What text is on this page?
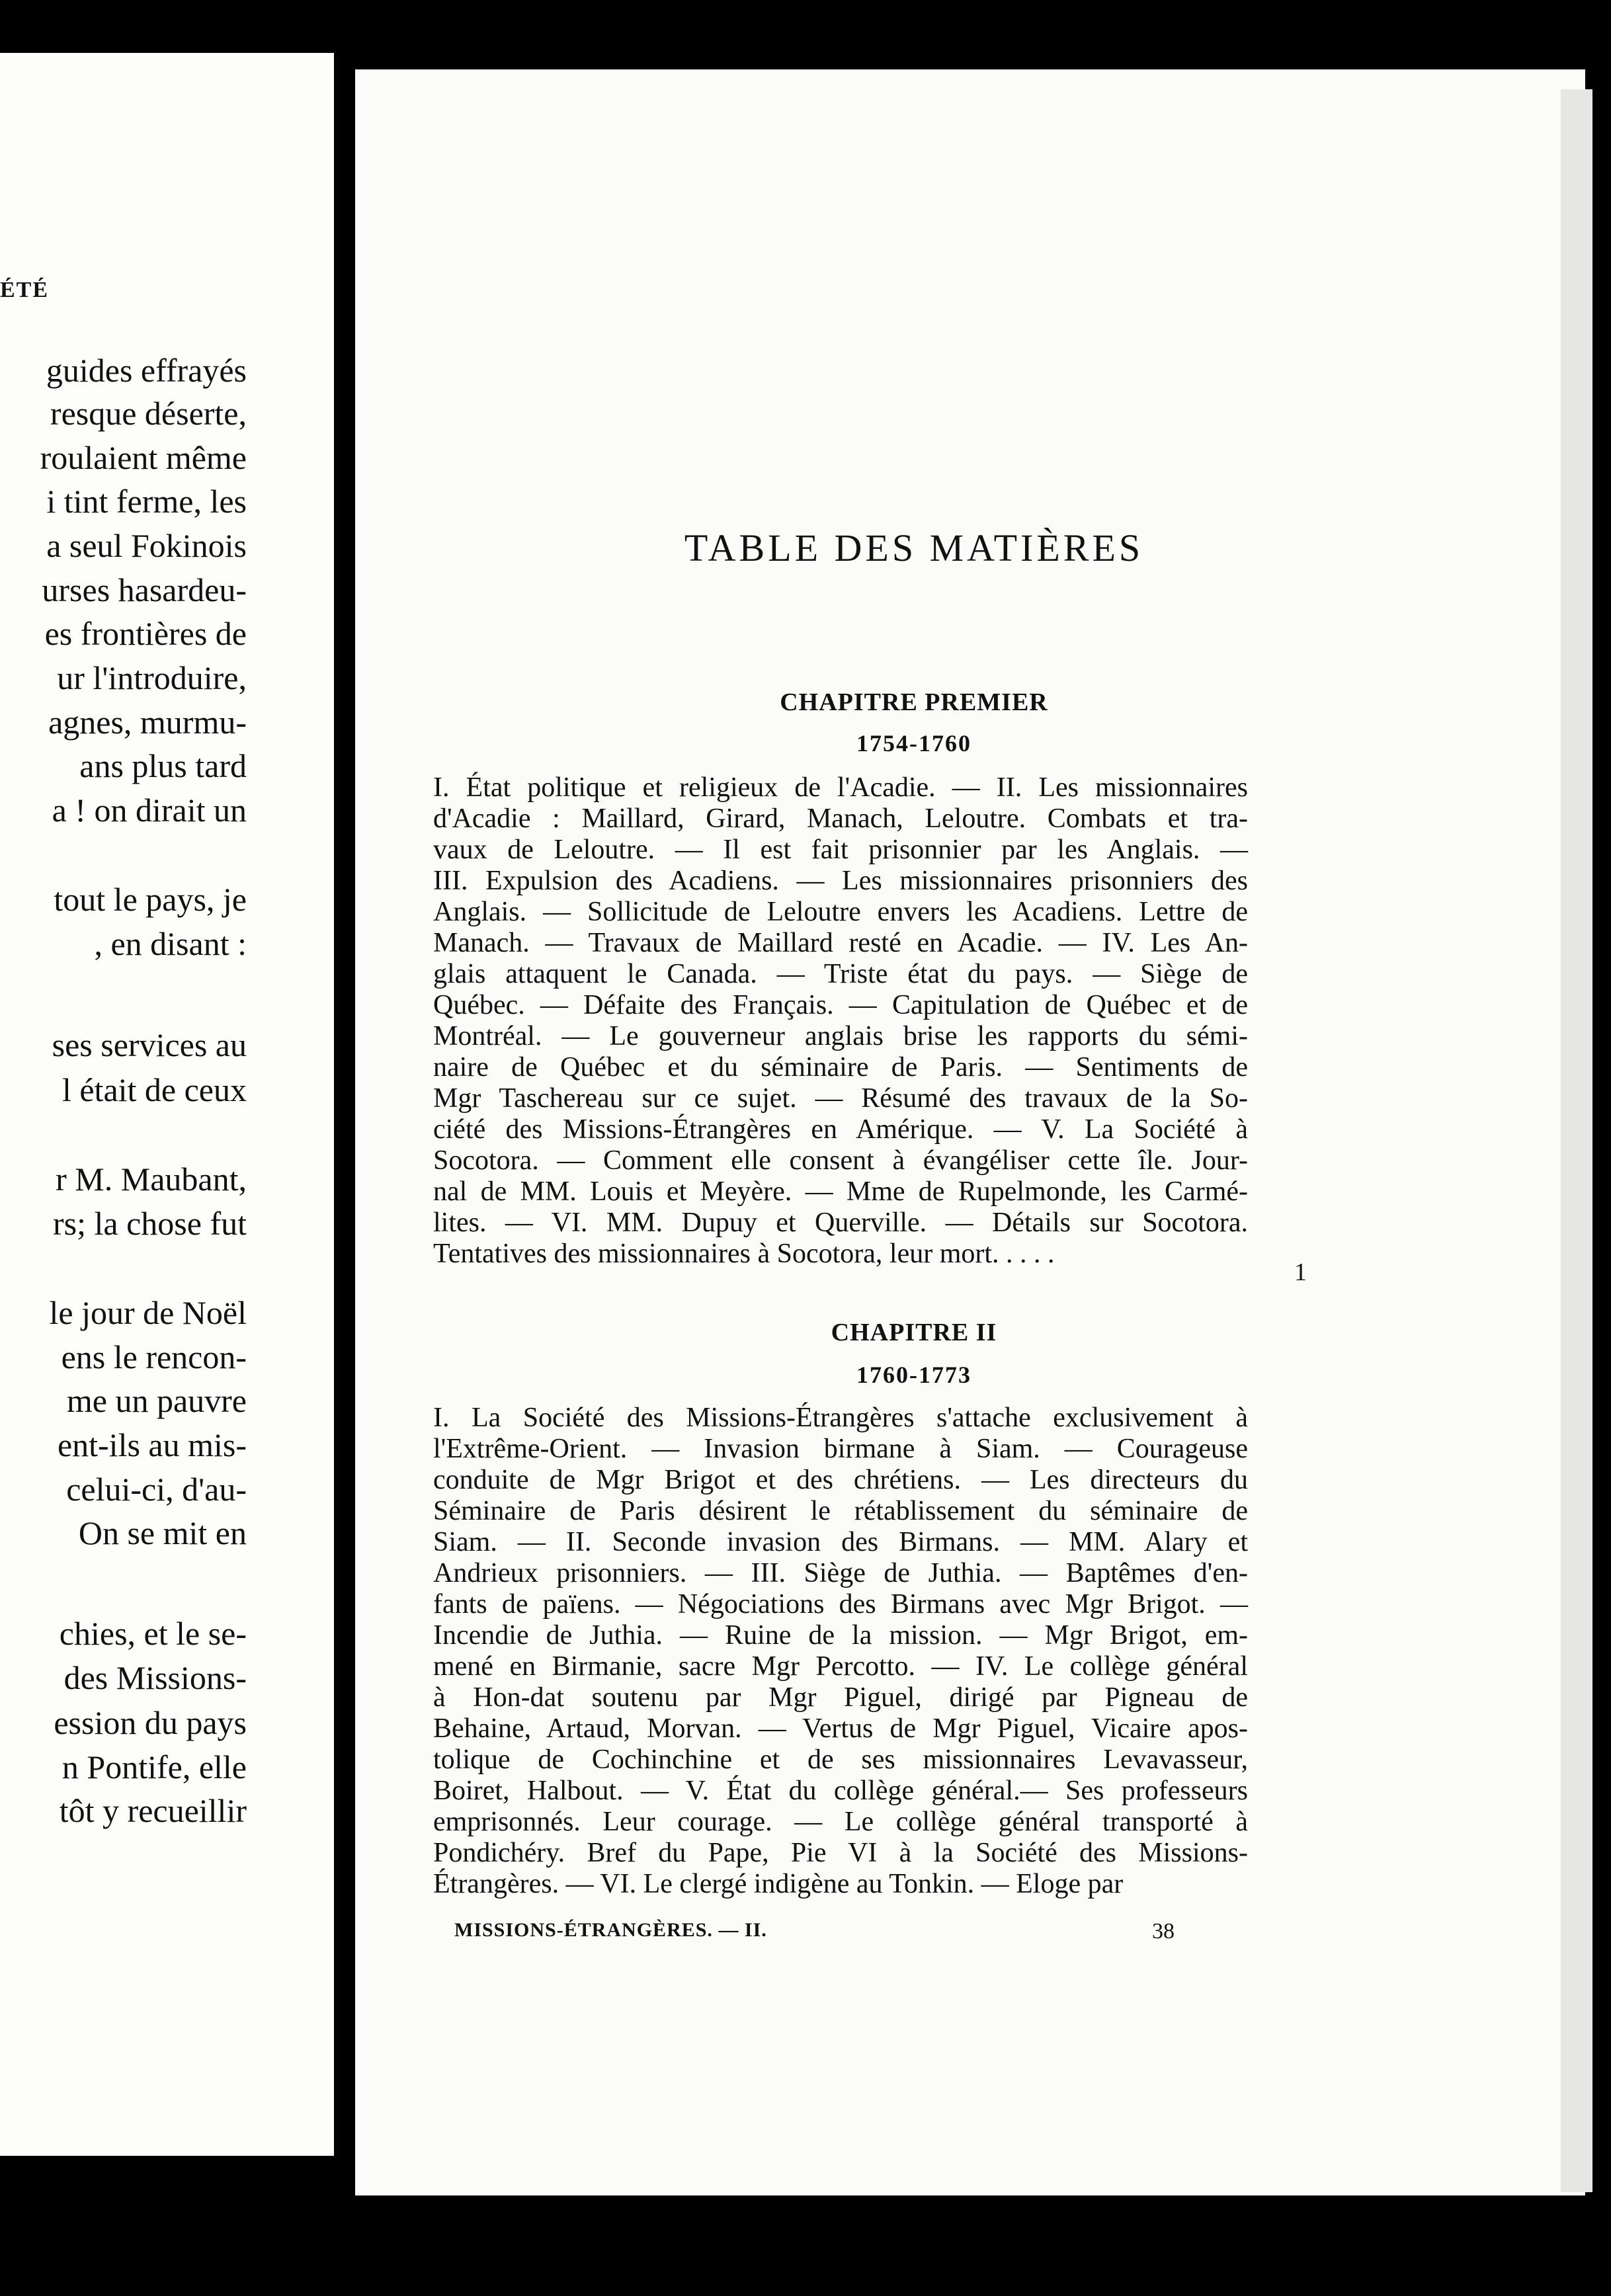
ÉTÉ
guides effrayés
resque déserte,
roulaient même
i tint ferme, les
a seul Fokinois
urses hasardeu-
es frontières de
ur l'introduire,
agnes, murmu-
ans plus tard
a ! on dirait un
tout le pays, je
, en disant :
ses services au
l était de ceux
r M. Maubant,
rs; la chose fut
le jour de Noël
ens le rencon-
me un pauvre
ent-ils au mis-
celui-ci, d'au-
On se mit en
chies, et le se-
des Missions-
ession du pays
n Pontife, elle
tôt y recueillir
TABLE DES MATIÈRES
CHAPITRE PREMIER
1754-1760
I. État politique et religieux de l'Acadie. — II. Les missionnaires
d'Acadie : Maillard, Girard, Manach, Leloutre. Combats et tra-
vaux de Leloutre. — Il est fait prisonnier par les Anglais. —
III. Expulsion des Acadiens. — Les missionnaires prisonniers des
Anglais. — Sollicitude de Leloutre envers les Acadiens. Lettre de
Manach. — Travaux de Maillard resté en Acadie. — IV. Les An-
glais attaquent le Canada. — Triste état du pays. — Siège de
Québec. — Défaite des Français. — Capitulation de Québec et de
Montréal. — Le gouverneur anglais brise les rapports du sémi-
naire de Québec et du séminaire de Paris. — Sentiments de
Mgr Taschereau sur ce sujet. — Résumé des travaux de la So-
ciété des Missions-Étrangères en Amérique. — V. La Société à
Socotora. — Comment elle consent à évangéliser cette île. Jour-
nal de MM. Louis et Meyère. — Mme de Rupelmonde, les Carmé-
lites. — VI. MM. Dupuy et Querville. — Détails sur Socotora.
Tentatives des missionnaires à Socotora, leur mort. . . . .
1
CHAPITRE II
1760-1773
I. La Société des Missions-Étrangères s'attache exclusivement à
l'Extrême-Orient. — Invasion birmane à Siam. — Courageuse
conduite de Mgr Brigot et des chrétiens. — Les directeurs du
Séminaire de Paris désirent le rétablissement du séminaire de
Siam. — II. Seconde invasion des Birmans. — MM. Alary et
Andrieux prisonniers. — III. Siège de Juthia. — Baptêmes d'en-
fants de païens. — Négociations des Birmans avec Mgr Brigot. —
Incendie de Juthia. — Ruine de la mission. — Mgr Brigot, em-
mené en Birmanie, sacre Mgr Percotto. — IV. Le collège général
à Hon-dat soutenu par Mgr Piguel, dirigé par Pigneau de
Behaine, Artaud, Morvan. — Vertus de Mgr Piguel, Vicaire apos-
tolique de Cochinchine et de ses missionnaires Levavasseur,
Boiret, Halbout. — V. État du collège général.— Ses professeurs
emprisonnés. Leur courage. — Le collège général transporté à
Pondichéry. Bref du Pape, Pie VI à la Société des Missions-
Étrangères. — VI. Le clergé indigène au Tonkin. — Eloge par
MISSIONS-ÉTRANGÈRES. — II.	38
